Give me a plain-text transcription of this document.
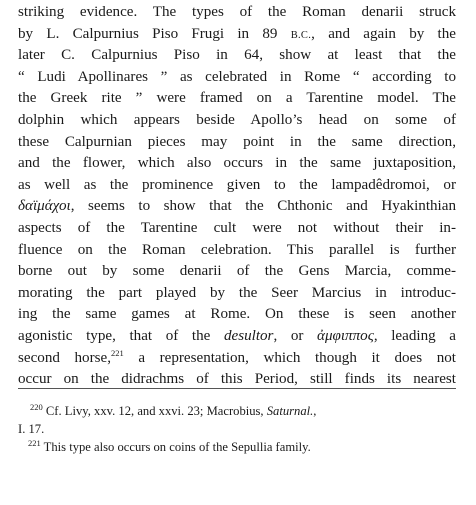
striking evidence. The types of the Roman denarii struck
by L. Calpurnius Piso Frugi in 89 B.C., and again by the
later C. Calpurnius Piso in 64, show at least that the
“ Ludi Apollinares ” as celebrated in Rome “ according to
the Greek rite ” were framed on a Tarentine model. The
dolphin which appears beside Apollo’s head on some of
these Calpurnian pieces may point in the same direction,
and the flower, which also occurs in the same juxtaposition,
as well as the prominence given to the lampadêdromoi, or
δαϊμάχοι, seems to show that the Chthonic and Hyakinthian
aspects of the Tarentine cult were not without their in-
fluence on the Roman celebration. This parallel is further
borne out by some denarii of the Gens Marcia, comme-
morating the part played by the Seer Marcius in introduc-
ing the same games at Rome. On these is seen another
agonistic type, that of the desultor, or ἀμφιππος, leading a
second horse,$^{221}$ a representation, which though it does not
occur on the didrachms of this Period, still finds its nearest
$^{220}$ Cf. Livy, xxv. 12, and xxvi. 23; Macrobius, Saturnal.,
I. 17.
$^{221}$ This type also occurs on coins of the Sepullia family.
